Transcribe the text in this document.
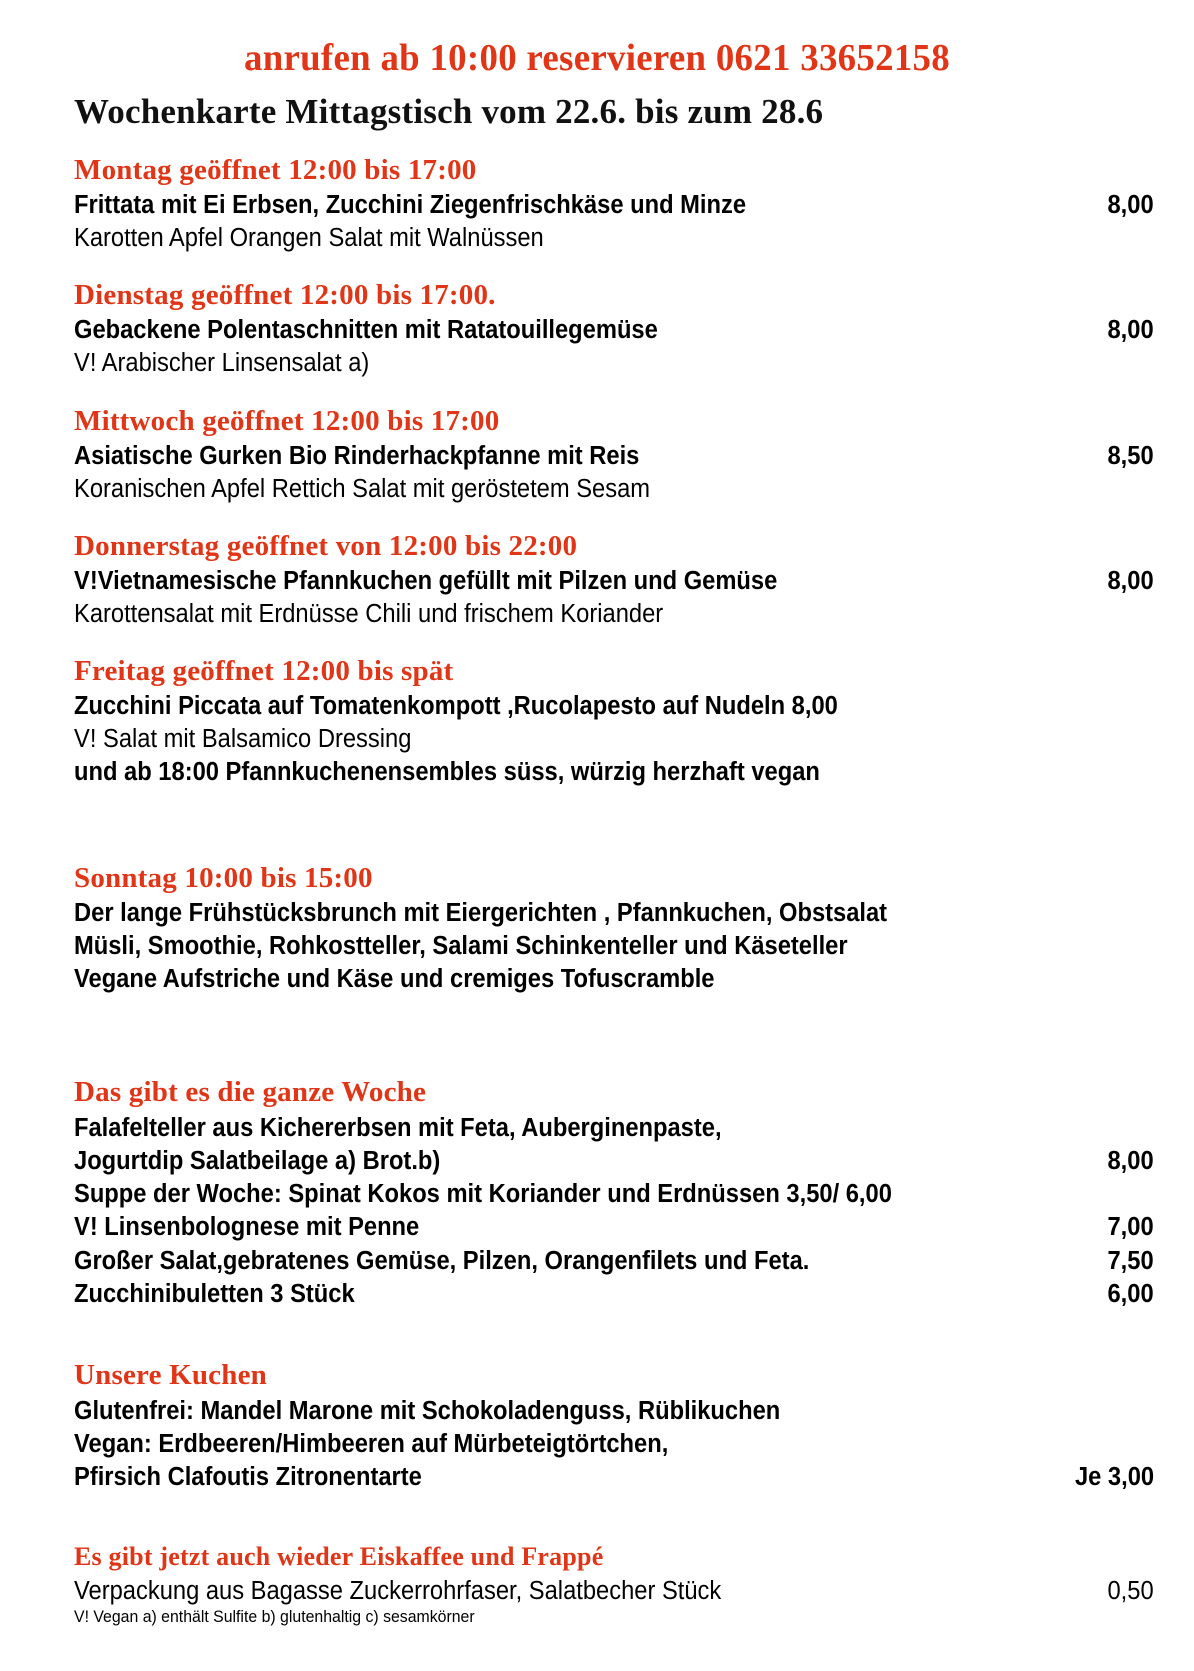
anrufen ab 10:00 reservieren 0621 33652158
Wochenkarte Mittagstisch vom 22.6. bis zum 28.6
Montag geöffnet 12:00 bis 17:00
Frittata mit Ei Erbsen, Zucchini Ziegenfrischkäse und Minze	8,00
Karotten Apfel Orangen Salat mit Walnüssen
Dienstag geöffnet 12:00 bis 17:00.
Gebackene Polentaschnitten mit Ratatouillegemüse	8,00
V! Arabischer Linsensalat a)
Mittwoch geöffnet 12:00 bis 17:00
Asiatische Gurken Bio Rinderhackpfanne mit Reis	8,50
Koranischen Apfel Rettich Salat mit geröstetem Sesam
Donnerstag geöffnet von 12:00 bis 22:00
V!Vietnamesische Pfannkuchen gefüllt mit Pilzen und Gemüse	8,00
Karottensalat mit Erdnüsse Chili und frischem Koriander
Freitag geöffnet 12:00 bis spät
Zucchini Piccata auf Tomatenkompott ,Rucolapesto auf Nudeln 8,00
V! Salat mit Balsamico Dressing
und ab 18:00 Pfannkuchenensembles süss, würzig herzhaft vegan
Sonntag 10:00 bis 15:00
Der lange Frühstücksbrunch mit Eiergerichten , Pfannkuchen, Obstsalat
Müsli, Smoothie, Rohkostteller, Salami Schinkenteller und Käseteller
Vegane Aufstriche und Käse und cremiges Tofuscramble
Das gibt es die ganze Woche
Falafelteller aus Kichererbsen mit Feta, Auberginenpaste,
Jogurtdip Salatbeilage a) Brot.b)	8,00
Suppe der Woche: Spinat Kokos mit Koriander und Erdnüssen 3,50/ 6,00
V! Linsenbolognese mit Penne	7,00
Großer Salat,gebratenes Gemüse, Pilzen, Orangenfilets und Feta.	7,50
Zucchinibuletten 3 Stück	6,00
Unsere Kuchen
Glutenfrei: Mandel Marone mit Schokoladenguss, Rüblikuchen
Vegan: Erdbeeren/Himbeeren auf Mürbeteigtörtchen,
Pfirsich Clafoutis Zitronentarte	Je 3,00
Es gibt jetzt auch wieder Eiskaffee und Frappé
Verpackung aus Bagasse Zuckerrohrfaser, Salatbecher Stück	0,50
V! Vegan a) enthält Sulfite b) glutenhaltig c) sesamkörner
